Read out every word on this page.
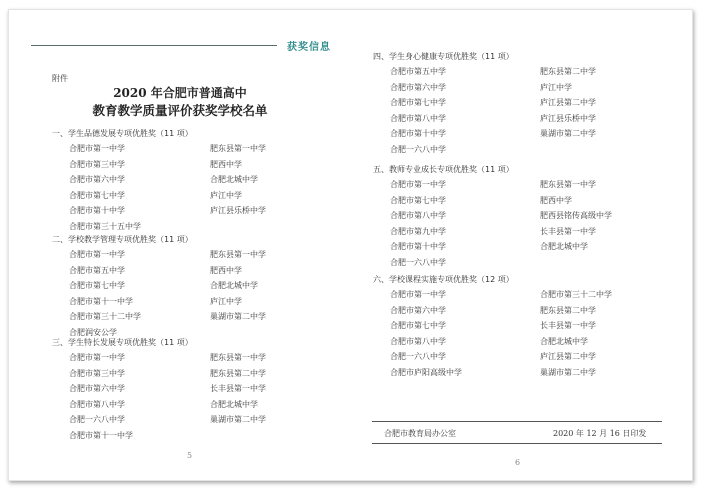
获奖信息
附件
2020 年合肥市普通高中
教育教学质量评价获奖学校名单
一、学生品德发展专项优胜奖（11 项）
合肥市第一中学	肥东县第一中学
合肥市第三中学	肥西中学
合肥市第六中学	合肥北城中学
合肥市第七中学	庐江中学
合肥市第十中学	庐江县乐桥中学
合肥市第三十五中学
二、学校教学管理专项优胜奖（11 项）
合肥市第一中学	肥东县第一中学
合肥市第五中学	肥西中学
合肥市第七中学	合肥北城中学
合肥市第十一中学	庐江中学
合肥市第三十二中学	巢湖市第二中学
合肥润安公学
三、学生特长发展专项优胜奖（11 项）
合肥市第一中学	肥东县第一中学
合肥市第三中学	肥东县第二中学
合肥市第六中学	长丰县第一中学
合肥市第八中学	合肥北城中学
合肥一六八中学	巢湖市第二中学
合肥市第十一中学
四、学生身心健康专项优胜奖（11 项）
合肥市第五中学	肥东县第二中学
合肥市第六中学	庐江中学
合肥市第七中学	庐江县第二中学
合肥市第八中学	庐江县乐桥中学
合肥市第十中学	巢湖市第二中学
合肥一六八中学
五、教师专业成长专项优胜奖（11 项）
合肥市第一中学	肥东县第一中学
合肥市第七中学	肥西中学
合肥市第八中学	肥西县铭传高级中学
合肥市第九中学	长丰县第一中学
合肥市第十中学	合肥北城中学
合肥一六八中学
六、学校课程实施专项优胜奖（12 项）
合肥市第一中学	合肥市第三十二中学
合肥市第六中学	肥东县第二中学
合肥市第七中学	长丰县第一中学
合肥市第八中学	合肥北城中学
合肥一六八中学	庐江县第二中学
合肥市庐阳高级中学	巢湖市第二中学
合肥市教育局办公室	2020 年 12 月 16 日印发
5
6
